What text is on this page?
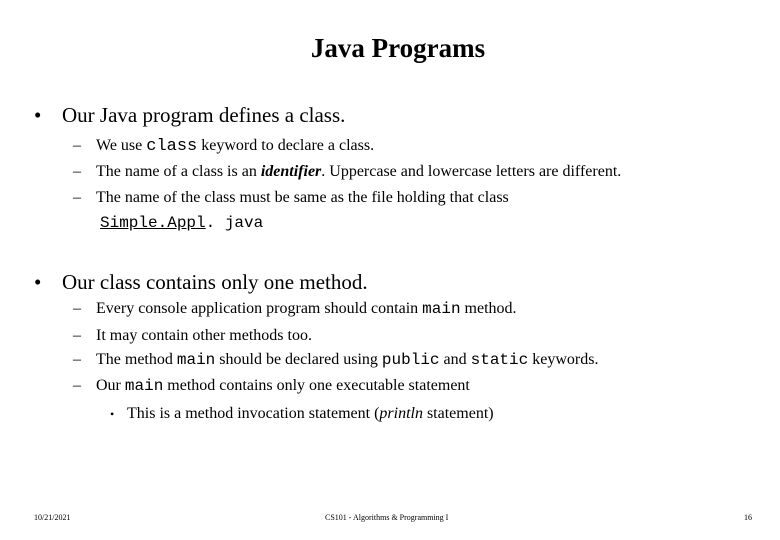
Java Programs
• Our Java program defines a class.
– We use class keyword to declare a class.
– The name of a class is an identifier. Uppercase and lowercase letters are different.
– The name of the class must be same as the file holding that class
Simple.Appl. java
• Our class contains only one method.
– Every console application program should contain main method.
– It may contain other methods too.
– The method main should be declared using public and static keywords.
– Our main method contains only one executable statement
• This is a method invocation statement (println statement)
10/21/2021	CS101 - Algorithms & Programming I	16
